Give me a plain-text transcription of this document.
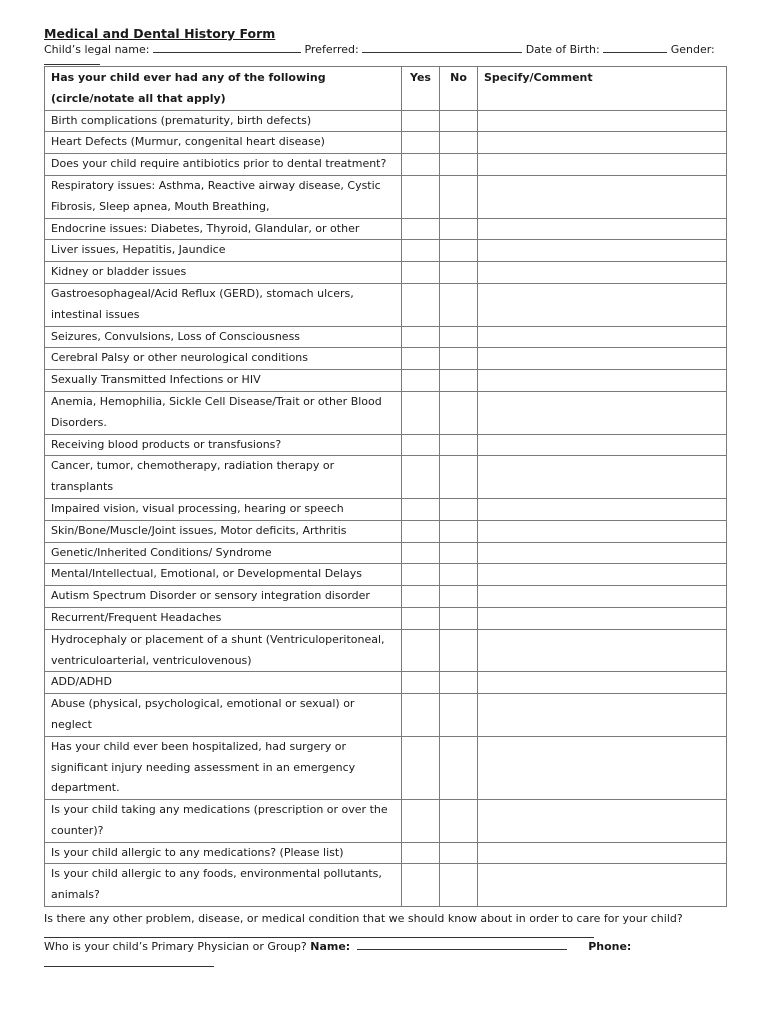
Medical and Dental History Form
Child’s legal name:	Preferred:	Date of Birth:	Gender:
Has your child ever had any of the following
(circle/notate all that apply)	Yes	No	Specify/Comment
Birth complications (prematurity, birth defects)			
Heart Defects (Murmur, congenital heart disease)			
Does your child require antibiotics prior to dental treatment?			
Respiratory issues: Asthma, Reactive airway disease, Cystic Fibrosis, Sleep apnea, Mouth Breathing,			
Endocrine issues: Diabetes, Thyroid, Glandular, or other			
Liver issues, Hepatitis, Jaundice			
Kidney or bladder issues			
Gastroesophageal/Acid Reflux (GERD), stomach ulcers, intestinal issues			
Seizures, Convulsions, Loss of Consciousness			
Cerebral Palsy or other neurological conditions			
Sexually Transmitted Infections or HIV			
Anemia, Hemophilia, Sickle Cell Disease/Trait or other Blood Disorders.			
Receiving blood products or transfusions?			
Cancer, tumor, chemotherapy, radiation therapy or transplants			
Impaired vision, visual processing, hearing or speech			
Skin/Bone/Muscle/Joint issues, Motor deficits, Arthritis			
Genetic/Inherited Conditions/ Syndrome			
Mental/Intellectual, Emotional, or Developmental Delays			
Autism Spectrum Disorder or sensory integration disorder			
Recurrent/Frequent Headaches			
Hydrocephaly or placement of a shunt (Ventriculoperitoneal, ventriculoarterial, ventriculovenous)			
ADD/ADHD			
Abuse (physical, psychological, emotional or sexual) or neglect			
Has your child ever been hospitalized, had surgery or significant injury needing assessment in an emergency department.			
Is your child taking any medications (prescription or over the counter)?			
Is your child allergic to any medications? (Please list)			
Is your child allergic to any foods, environmental pollutants, animals?			
Is there any other problem, disease, or medical condition that we should know about in order to care for your child?
Who is your child’s Primary Physician or Group? Name:	Phone:
